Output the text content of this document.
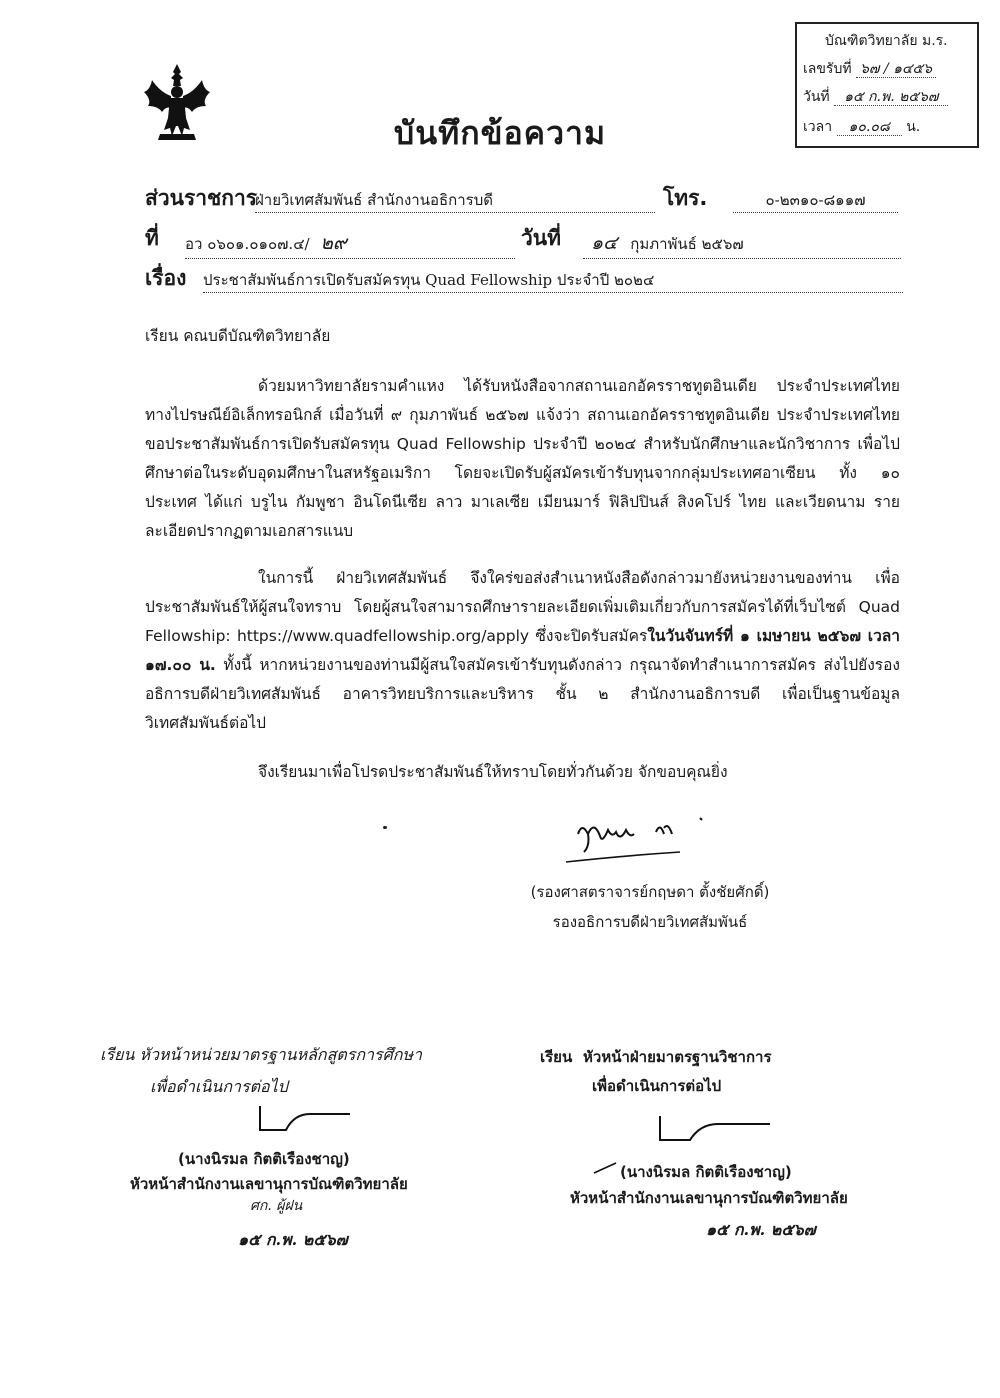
บัณฑิตวิทยาลัย ม.ร.
เลขรับที่ ๖๗ / ๑๔๕๖
วันที่ ๑๕ ก.พ. ๒๕๖๗
เวลา ๑๐.๐๘ น.
บันทึกข้อความ
ส่วนราชการ
ฝ่ายวิเทศสัมพันธ์ สำนักงานอธิการบดี	โทร.	๐-๒๓๑๐-๘๑๑๗
ที่ อว ๐๖๐๑.๐๑๐๗.๔/ ๒๙	วันที่	๑๔ กุมภาพันธ์ ๒๕๖๗
เรื่อง ประชาสัมพันธ์การเปิดรับสมัครทุน Quad Fellowship ประจำปี ๒๐๒๔
เรียน คณบดีบัณฑิตวิทยาลัย
ด้วยมหาวิทยาลัยรามคำแหง ได้รับหนังสือจากสถานเอกอัครราชทูตอินเดีย ประจำประเทศไทย ทางไปรษณีย์อิเล็กทรอนิกส์ เมื่อวันที่ ๙ กุมภาพันธ์ ๒๕๖๗ แจ้งว่า สถานเอกอัครราชทูตอินเดีย ประจำประเทศไทย ขอประชาสัมพันธ์การเปิดรับสมัครทุน Quad Fellowship ประจำปี ๒๐๒๔ สำหรับนักศึกษาและนักวิชาการ เพื่อไปศึกษาต่อในระดับอุดมศึกษาในสหรัฐอเมริกา โดยจะเปิดรับผู้สมัครเข้ารับทุนจากกลุ่มประเทศอาเซียน ทั้ง ๑๐ ประเทศ ได้แก่ บรูไน กัมพูชา อินโดนีเซีย ลาว มาเลเซีย เมียนมาร์ ฟิลิปปินส์ สิงคโปร์ ไทย และเวียดนาม รายละเอียดปรากฏตามเอกสารแนบ
ในการนี้ ฝ่ายวิเทศสัมพันธ์ จึงใคร่ขอส่งสำเนาหนังสือดังกล่าวมายังหน่วยงานของท่าน เพื่อประชาสัมพันธ์ให้ผู้สนใจทราบ โดยผู้สนใจสามารถศึกษารายละเอียดเพิ่มเติมเกี่ยวกับการสมัครได้ที่เว็บไซต์ Quad Fellowship: https://www.quadfellowship.org/apply ซึ่งจะปิดรับสมัครในวันจันทร์ที่ ๑ เมษายน ๒๕๖๗ เวลา ๑๗.๐๐ น. ทั้งนี้ หากหน่วยงานของท่านมีผู้สนใจสมัครเข้ารับทุนดังกล่าว กรุณาจัดทำสำเนาการสมัคร ส่งไปยังรองอธิการบดีฝ่ายวิเทศสัมพันธ์ อาคารวิทยบริการและบริหาร ชั้น ๒ สำนักงานอธิการบดี เพื่อเป็นฐานข้อมูลวิเทศสัมพันธ์ต่อไป
จึงเรียนมาเพื่อโปรดประชาสัมพันธ์ให้ทราบโดยทั่วกันด้วย จักขอบคุณยิ่ง
(รองศาสตราจารย์กฤษดา ตั้งชัยศักดิ์)
รองอธิการบดีฝ่ายวิเทศสัมพันธ์
เรียน หัวหน้าหน่วยมาตรฐานหลักสูตรการศึกษา
เพื่อดำเนินการต่อไป
(นางนิรมล กิตติเรืองชาญ)
หัวหน้าสำนักงานเลขานุการบัณฑิตวิทยาลัย
ศก. ผู้ฝน
๑๕ ก.พ. ๒๕๖๗
เรียน หัวหน้าฝ่ายมาตรฐานวิชาการ
เพื่อดำเนินการต่อไป
(นางนิรมล กิตติเรืองชาญ)
หัวหน้าสำนักงานเลขานุการบัณฑิตวิทยาลัย
๑๕ ก.พ. ๒๕๖๗
